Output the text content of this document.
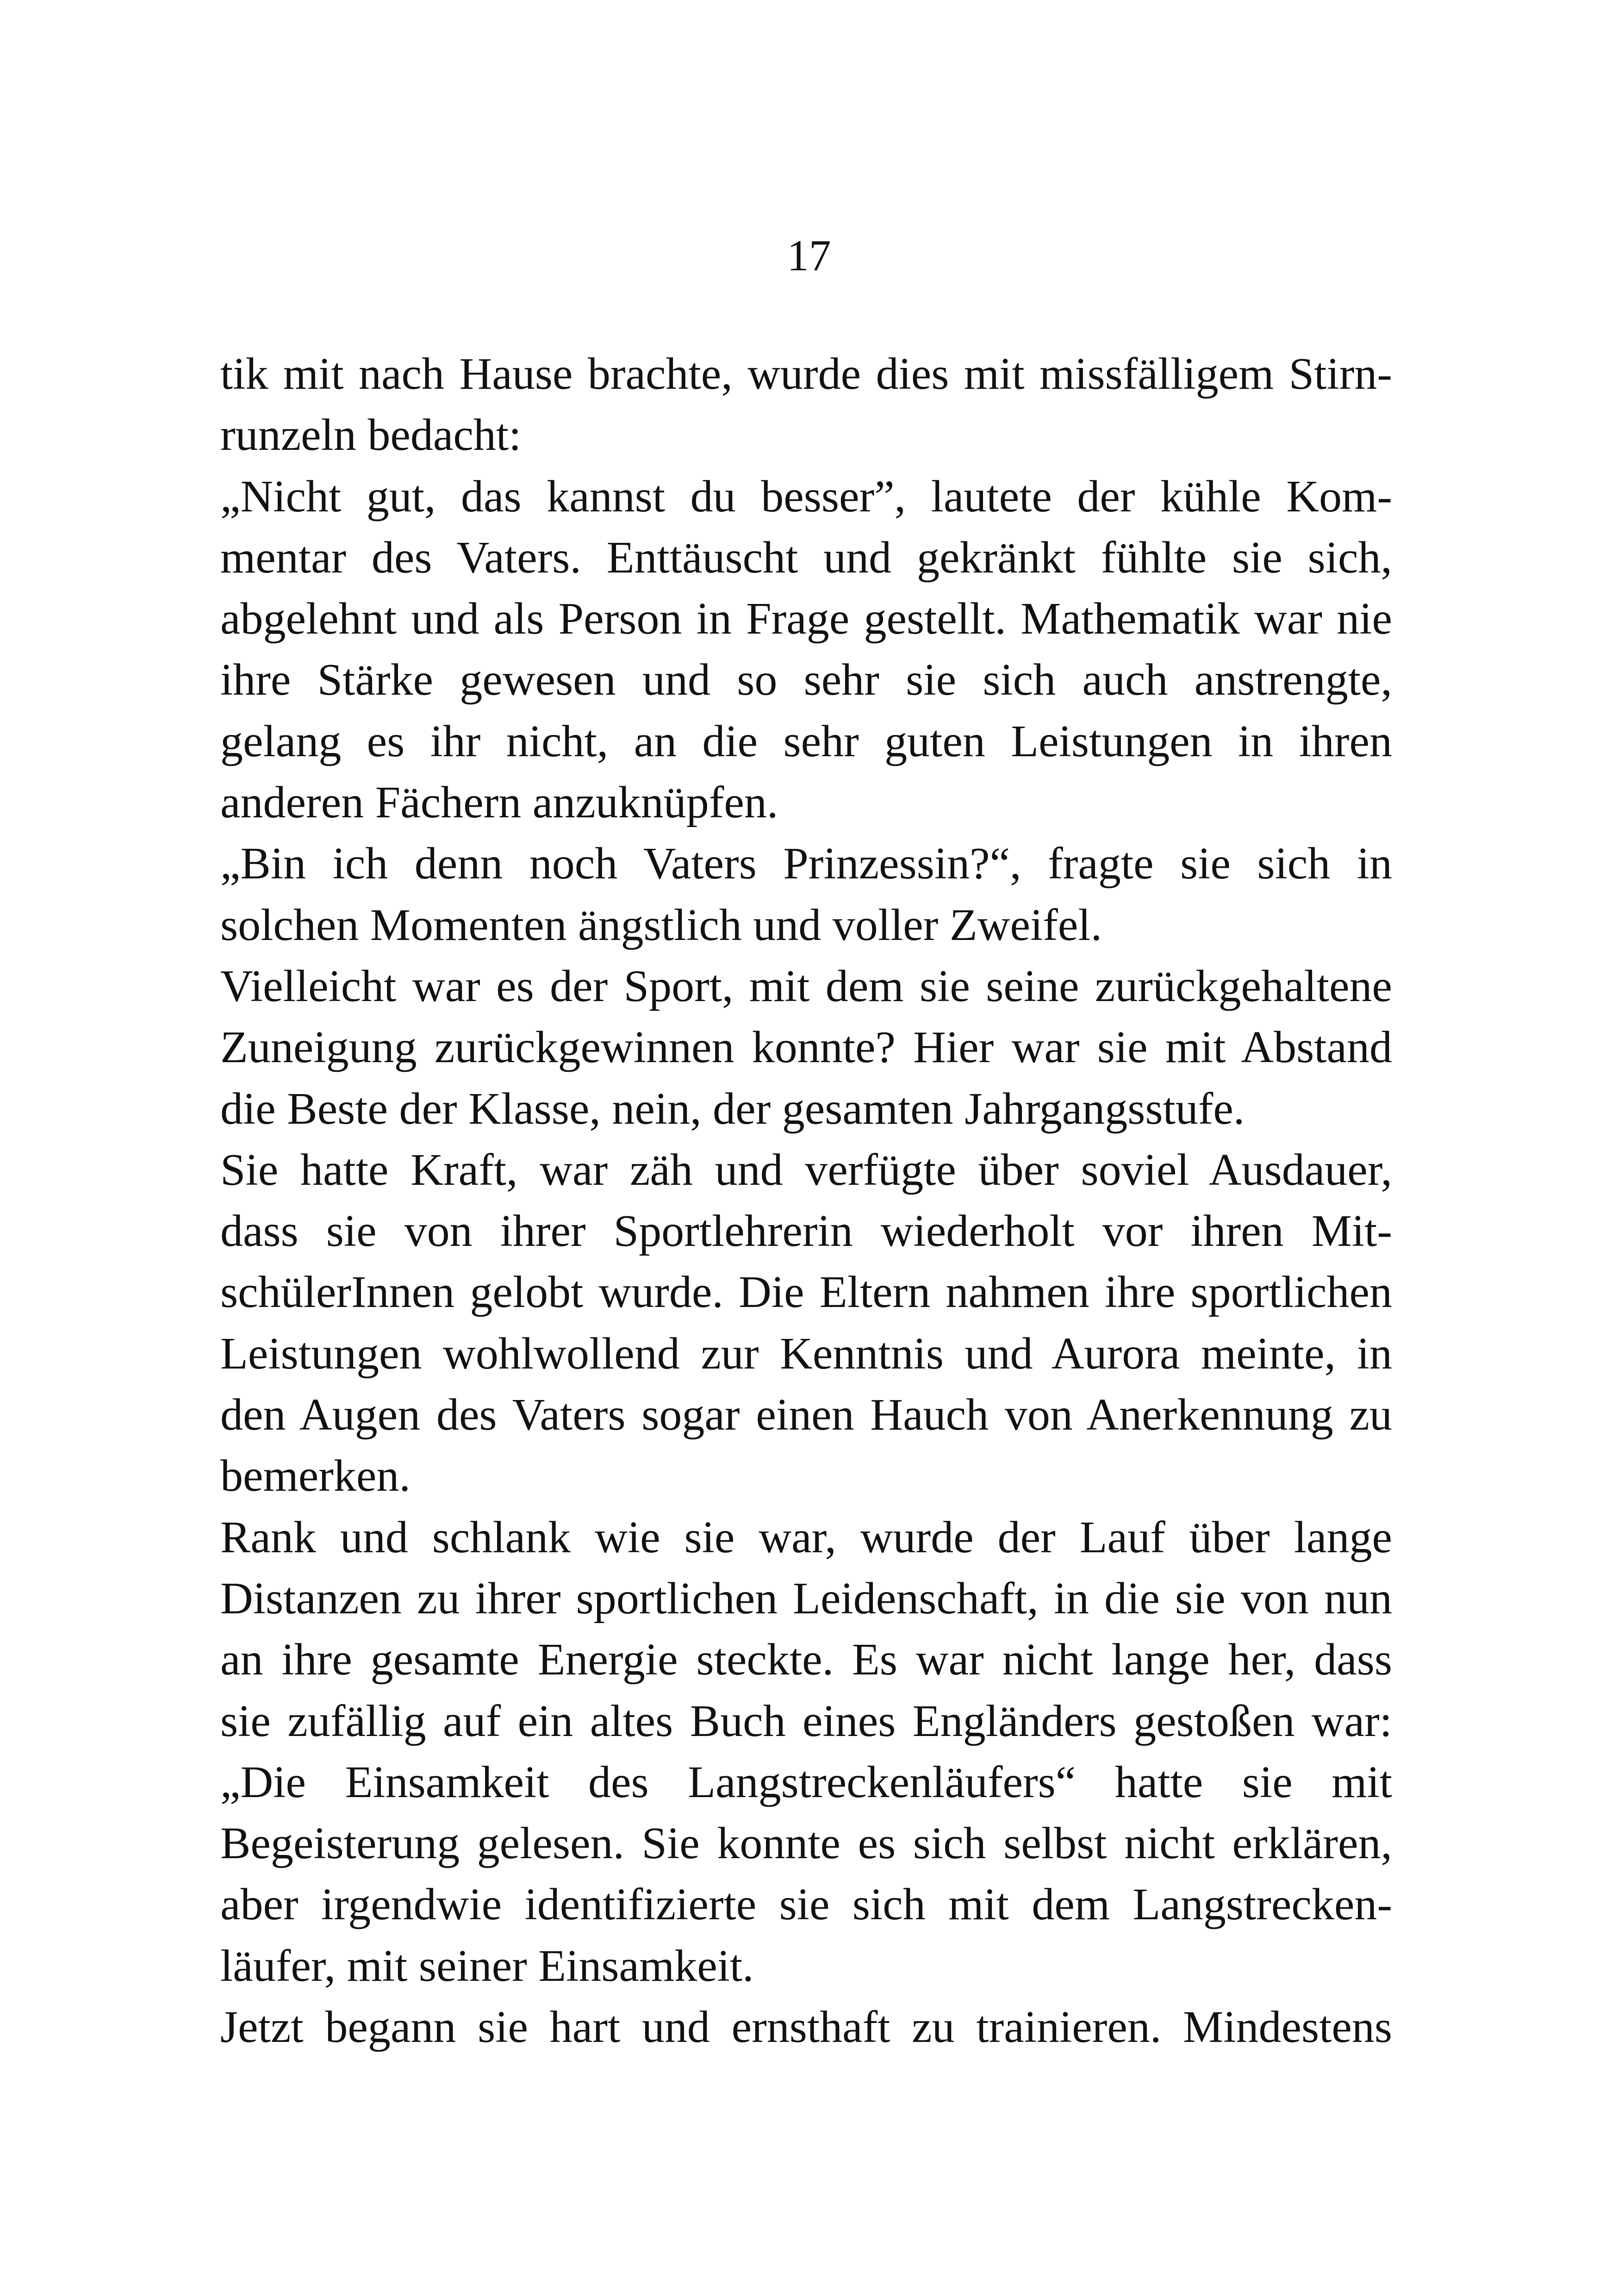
17
tik mit nach Hause brachte, wurde dies mit missfälligem Stirn-
runzeln bedacht:
„Nicht gut, das kannst du besser”, lautete der kühle Kom-
mentar des Vaters. Enttäuscht und gekränkt fühlte sie sich,
abgelehnt und als Person in Frage gestellt. Mathematik war nie
ihre Stärke gewesen und so sehr sie sich auch anstrengte,
gelang es ihr nicht, an die sehr guten Leistungen in ihren
anderen Fächern anzuknüpfen.
„Bin ich denn noch Vaters Prinzessin?“, fragte sie sich in
solchen Momenten ängstlich und voller Zweifel.
Vielleicht war es der Sport, mit dem sie seine zurückgehaltene
Zuneigung zurückgewinnen konnte? Hier war sie mit Abstand
die Beste der Klasse, nein, der gesamten Jahrgangsstufe.
Sie hatte Kraft, war zäh und verfügte über soviel Ausdauer,
dass sie von ihrer Sportlehrerin wiederholt vor ihren Mit-
schülerInnen gelobt wurde. Die Eltern nahmen ihre sportlichen
Leistungen wohlwollend zur Kenntnis und Aurora meinte, in
den Augen des Vaters sogar einen Hauch von Anerkennung zu
bemerken.
Rank und schlank wie sie war, wurde der Lauf über lange
Distanzen zu ihrer sportlichen Leidenschaft, in die sie von nun
an ihre gesamte Energie steckte. Es war nicht lange her, dass
sie zufällig auf ein altes Buch eines Engländers gestoßen war:
„Die Einsamkeit des Langstreckenläufers“ hatte sie mit
Begeisterung gelesen. Sie konnte es sich selbst nicht erklären,
aber irgendwie identifizierte sie sich mit dem Langstrecken-
läufer, mit seiner Einsamkeit.
Jetzt begann sie hart und ernsthaft zu trainieren. Mindestens
